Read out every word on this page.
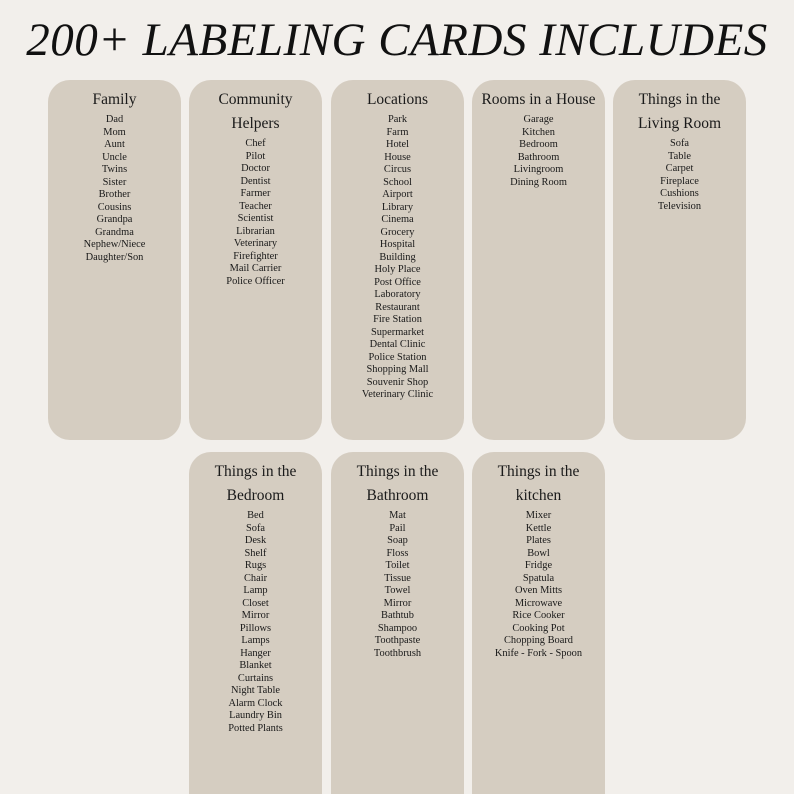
200+ LABELING CARDS INCLUDES
Family
Dad
Mom
Aunt
Uncle
Twins
Sister
Brother
Cousins
Grandpa
Grandma
Nephew/Niece
Daughter/Son
Community Helpers
Chef
Pilot
Doctor
Dentist
Farmer
Teacher
Scientist
Librarian
Veterinary
Firefighter
Mail Carrier
Police Officer
Locations
Park
Farm
Hotel
House
Circus
School
Airport
Library
Cinema
Grocery
Hospital
Building
Holy Place
Post Office
Laboratory
Restaurant
Fire Station
Supermarket
Dental Clinic
Police Station
Shopping Mall
Souvenir Shop
Veterinary Clinic
Rooms in a House
Garage
Kitchen
Bedroom
Bathroom
Livingroom
Dining Room
Things in the Living Room
Sofa
Table
Carpet
Fireplace
Cushions
Television
Things in the Bedroom
Bed
Sofa
Desk
Shelf
Rugs
Chair
Lamp
Closet
Mirror
Pillows
Lamps
Hanger
Blanket
Curtains
Night Table
Alarm Clock
Laundry Bin
Potted Plants
Things in the Bathroom
Mat
Pail
Soap
Floss
Toilet
Tissue
Towel
Mirror
Bathtub
Shampoo
Toothpaste
Toothbrush
Things in the kitchen
Mixer
Kettle
Plates
Bowl
Fridge
Spatula
Oven Mitts
Microwave
Rice Cooker
Cooking Pot
Chopping Board
Knife - Fork - Spoon
